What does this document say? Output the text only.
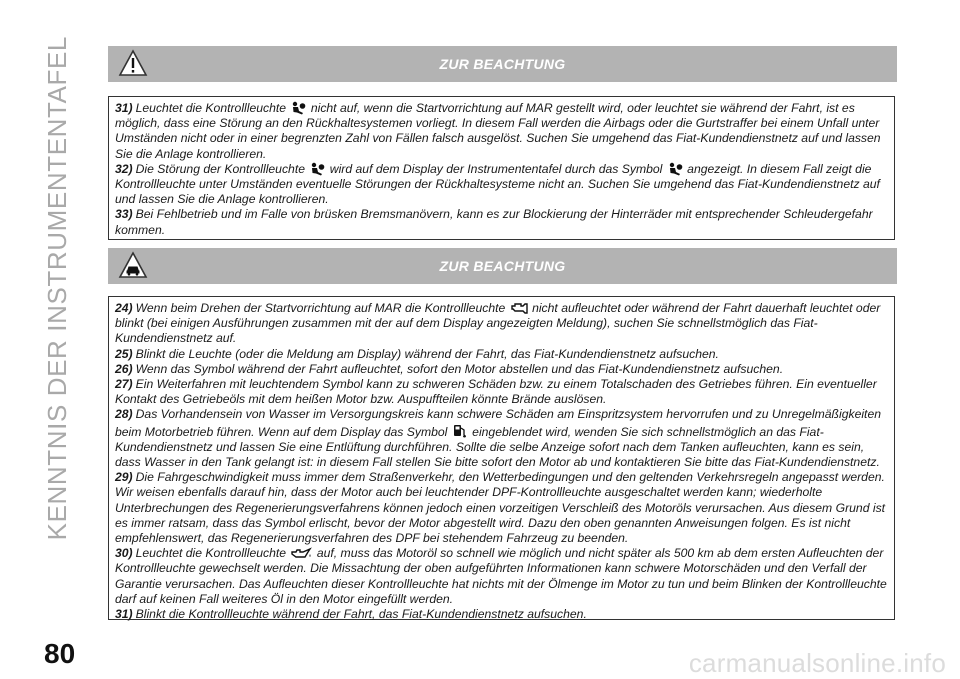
KENNTNIS DER INSTRUMENTENTAFEL	ZUR BEACHTUNG

31) Leuchtet die Kontrollleuchte nicht auf, wenn die Startvorrichtung auf MAR gestellt wird, oder leuchtet sie während der Fahrt, ist es möglich, dass eine Störung an den Rückhaltesystemen vorliegt. In diesem Fall werden die Airbags oder die Gurtstraffer bei einem Unfall unter Umständen nicht oder in einer begrenzten Zahl von Fällen falsch ausgelöst. Suchen Sie umgehend das Fiat-Kundendienstnetz auf und lassen Sie die Anlage kontrollieren.

32) Die Störung der Kontrollleuchte wird auf dem Display der Instrumententafel durch das Symbol angezeigt. In diesem Fall zeigt die Kontrollleuchte unter Umständen eventuelle Störungen der Rückhaltesysteme nicht an. Suchen Sie umgehend das Fiat-Kundendienstnetz auf und lassen Sie die Anlage kontrollieren.

33) Bei Fehlbetrieb und im Falle von brüsken Bremsmanövern, kann es zur Blockierung der Hinterräder mit entsprechender Schleudergefahr kommen.

ZUR BEACHTUNG

24) Wenn beim Drehen der Startvorrichtung auf MAR die Kontrollleuchte nicht aufleuchtet oder während der Fahrt dauerhaft leuchtet oder blinkt (bei einigen Ausführungen zusammen mit der auf dem Display angezeigten Meldung), suchen Sie schnellstmöglich das Fiat-Kundendienstnetz auf.

25) Blinkt die Leuchte (oder die Meldung am Display) während der Fahrt, das Fiat-Kundendienstnetz aufsuchen.

26) Wenn das Symbol während der Fahrt aufleuchtet, sofort den Motor abstellen und das Fiat-Kundendienstnetz aufsuchen.

27) Ein Weiterfahren mit leuchtendem Symbol kann zu schweren Schäden bzw. zu einem Totalschaden des Getriebes führen. Ein eventueller Kontakt des Getriebeöls mit dem heißen Motor bzw. Auspuffteilen könnte Brände auslösen.

28) Das Vorhandensein von Wasser im Versorgungskreis kann schwere Schäden am Einspritzsystem hervorrufen und zu Unregelmäßigkeiten beim Motorbetrieb führen. Wenn auf dem Display das Symbol eingeblendet wird, wenden Sie sich schnellstmöglich an das Fiat-Kundendienstnetz und lassen Sie eine Entlüftung durchführen. Sollte die selbe Anzeige sofort nach dem Tanken aufleuchten, kann es sein, dass Wasser in den Tank gelangt ist: in diesem Fall stellen Sie bitte sofort den Motor ab und kontaktieren Sie bitte das Fiat-Kundendienstnetz.

29) Die Fahrgeschwindigkeit muss immer dem Straßenverkehr, den Wetterbedingungen und den geltenden Verkehrsregeln angepasst werden. Wir weisen ebenfalls darauf hin, dass der Motor auch bei leuchtender DPF-Kontrollleuchte ausgeschaltet werden kann; wiederholte Unterbrechungen des Regenerierungsverfahrens können jedoch einen vorzeitigen Verschleiß des Motoröls verursachen. Aus diesem Grund ist es immer ratsam, dass das Symbol erlischt, bevor der Motor abgestellt wird. Dazu den oben genannten Anweisungen folgen. Es ist nicht empfehlenswert, das Regenerierungsverfahren des DPF bei stehendem Fahrzeug zu beenden.

30) Leuchtet die Kontrollleuchte	auf, muss das Motoröl so schnell wie möglich und nicht später als 500 km ab dem ersten Aufleuchten der Kontrollleuchte gewechselt werden. Die Missachtung der oben aufgeführten Informationen kann schwere Motorschäden und den Verfall der Garantie verursachen. Das Aufleuchten dieser Kontrollleuchte hat nichts mit der Ölmenge im Motor zu tun und beim Blinken der Kontrollleuchte darf auf keinen Fall weiteres Öl in den Motor eingefüllt werden.

31) Blinkt die Kontrollleuchte während der Fahrt, das Fiat-Kundendienstnetz aufsuchen.

80	carmanualsonline.info
